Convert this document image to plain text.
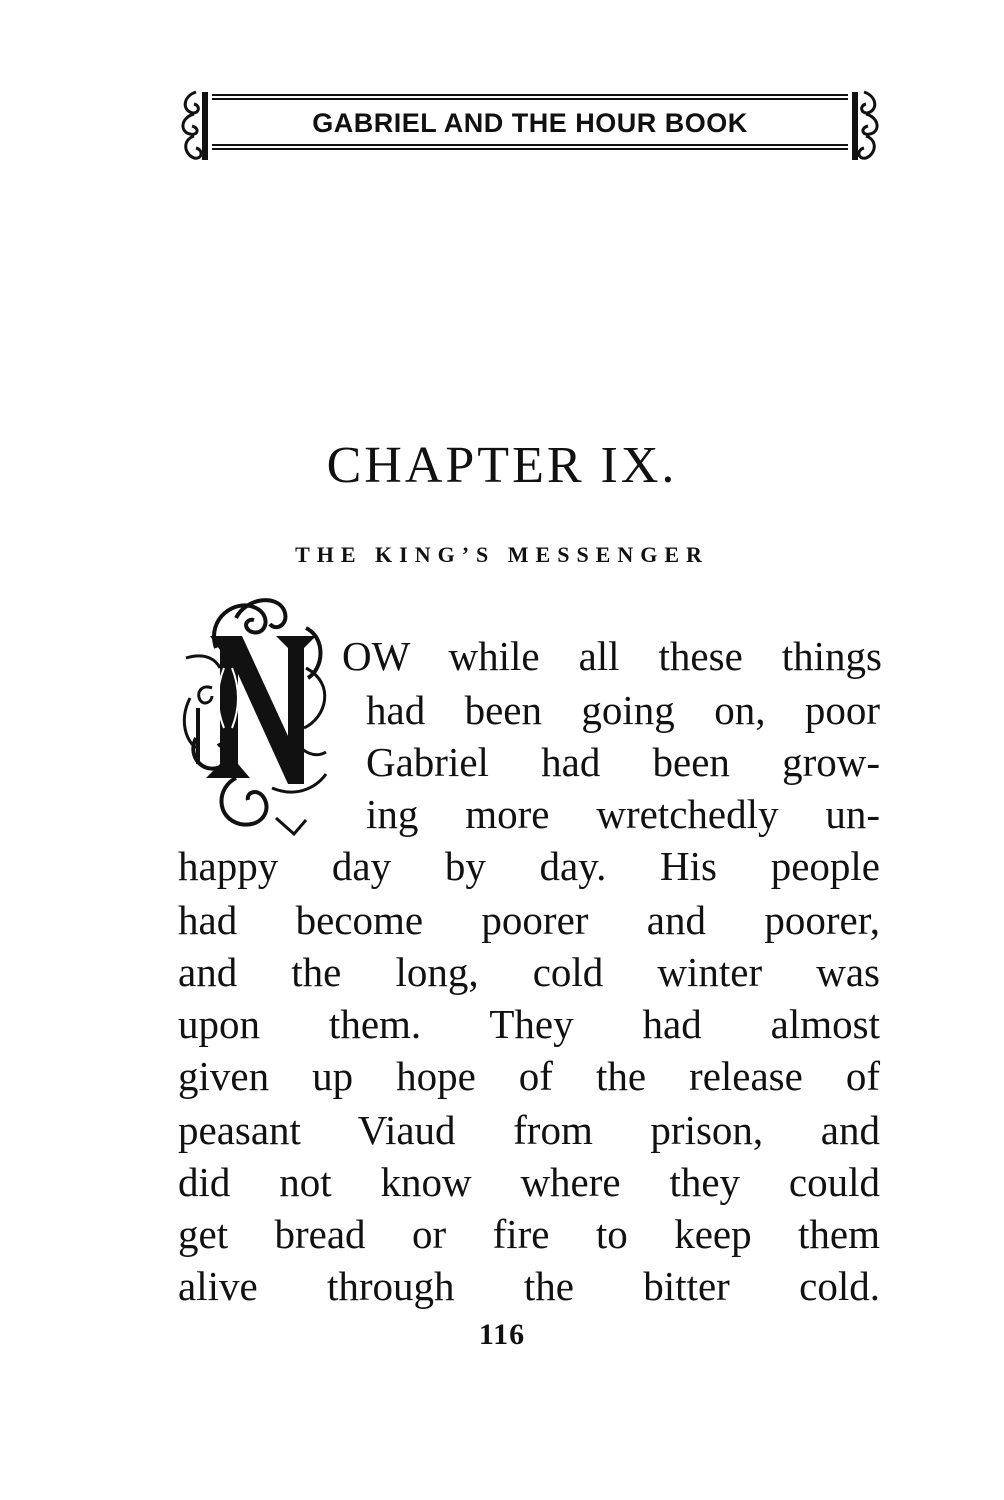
GABRIEL AND THE HOUR BOOK
CHAPTER IX.
THE KING’S MESSENGER
OW while all these things
had been going on, poor
Gabriel had been grow-
ing more wretchedly un-
happy day by day. His people
had become poorer and poorer,
and the long, cold winter was
upon them. They had almost
given up hope of the release of
peasant Viaud from prison, and
did not know where they could
get bread or fire to keep them
alive through the bitter cold.
116
